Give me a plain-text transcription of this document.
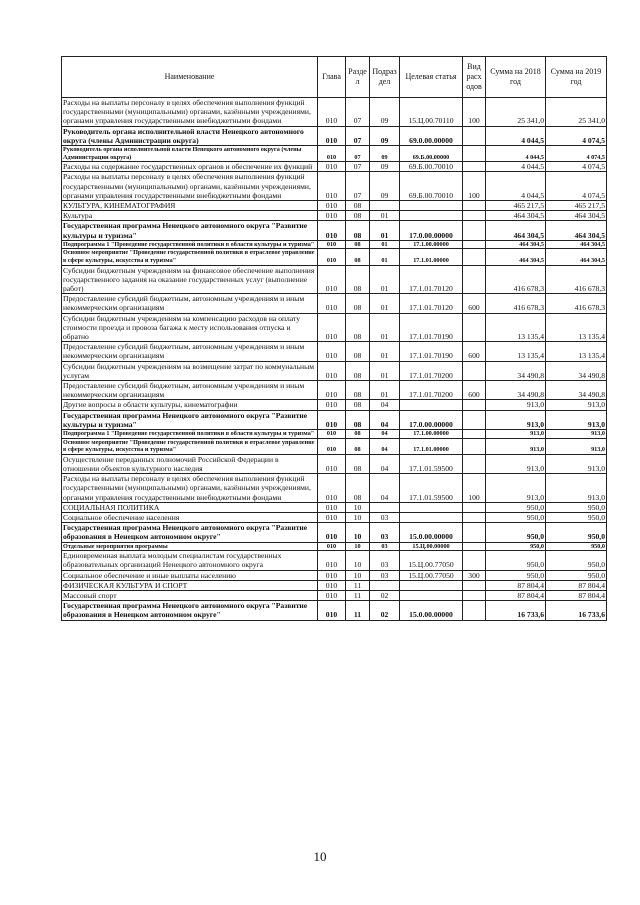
Наименование	Глава	Разде л	Подраз дел	Целевая статья	Вид расх одов	Сумма на 2018 год	Сумма на 2019 год
Расходы на выплаты персоналу в целях обеспечения выполнения функций государственными (муниципальными) органами, казёнными учреждениями, органами управления государственными внебюджетными фондами	010	07	09	15.Ц.00.70110	100	25 341,0	25 341,0
Руководитель органа исполнительной власти Ненецкого автономного округа (члены Администрации округа)	010	07	09	69.0.00.00000		4 044,5	4 074,5
Руководитель органа исполнительной власти Ненецкого автономного округа (члены Администрации округа)	010	07	09	69.Б.00.00000		4 044,5	4 074,5
Расходы на содержание государственных органов и обеспечение их функций	010	07	09	69.Б.00.70010		4 044,5	4 074,5
Расходы на выплаты персоналу в целях обеспечения выполнения функций государственными (муниципальными) органами, казёнными учреждениями, органами управления государственными внебюджетными фондами	010	07	09	69.Б.00.70010	100	4 044,5	4 074,5
КУЛЬТУРА, КИНЕМАТОГРАФИЯ	010	08				465 217,5	465 217,5
Культура	010	08	01			464 304,5	464 304,5
Государственная программа Ненецкого автономного округа "Развитие культуры и туризма"	010	08	01	17.0.00.00000		464 304,5	464 304,5
Подпрограмма 1 "Проведение государственной политики в области культуры и туризма"	010	08	01	17.1.00.00000		464 304,5	464 304,5
Основное мероприятие "Проведение государственной политики и отраслевое управление в сфере культуры, искусства и туризма"	010	08	01	17.1.01.00000		464 304,5	464 304,5
Субсидии бюджетным учреждениям на финансовое обеспечение выполнения государственного задания на оказание государственных услуг (выполнение работ)	010	08	01	17.1.01.70120		416 678,3	416 678,3
Предоставление субсидий бюджетным, автономным учреждениям и иным некоммерческим организациям	010	08	01	17.1.01.70120	600	416 678,3	416 678,3
Субсидии бюджетным учреждениям на компенсацию расходов на оплату стоимости проезда и провоза багажа к месту использования отпуска и обратно	010	08	01	17.1.01.70190		13 135,4	13 135,4
Предоставление субсидий бюджетным, автономным учреждениям и иным некоммерческим организациям	010	08	01	17.1.01.70190	600	13 135,4	13 135,4
Субсидии бюджетным учреждениям на возмещение затрат по коммунальным услугам	010	08	01	17.1.01.70200		34 490,8	34 490,8
Предоставление субсидий бюджетным, автономным учреждениям и иным некоммерческим организациям	010	08	01	17.1.01.70200	600	34 490,8	34 490,8
Другие вопросы в области культуры, кинематографии	010	08	04			913,0	913,0
Государственная программа Ненецкого автономного округа "Развитие культуры и туризма"	010	08	04	17.0.00.00000		913,0	913,0
Подпрограмма 1 "Проведение государственной политики в области культуры и туризма"	010	08	04	17.1.00.00000		913,0	913,0
Основное мероприятие "Проведение государственной политики и отраслевое управление в сфере культуры, искусства и туризма"	010	08	04	17.1.01.00000		913,0	913,0
Осуществление переданных полномочий Российской Федерации в отношении объектов культурного наследия	010	08	04	17.1.01.59500		913,0	913,0
Расходы на выплаты персоналу в целях обеспечения выполнения функций государственными (муниципальными) органами, казёнными учреждениями, органами управления государственными внебюджетными фондами	010	08	04	17.1.01.59500	100	913,0	913,0
СОЦИАЛЬНАЯ ПОЛИТИКА	010	10				950,0	950,0
Социальное обеспечение населения	010	10	03			950,0	950,0
Государственная программа Ненецкого автономного округа "Развитие образования в Ненецком автономном округе"	010	10	03	15.0.00.00000		950,0	950,0
Отдельные мероприятия программы	010	10	03	15.Ц.00.00000		950,0	950,0
Единовременная выплата молодым специалистам государственных образовательных организаций Ненецкого автономного округа	010	10	03	15.Ц.00.77050		950,0	950,0
Социальное обеспечение и иные выплаты населению	010	10	03	15.Ц.00.77050	300	950,0	950,0
ФИЗИЧЕСКАЯ КУЛЬТУРА И СПОРТ	010	11				87 804,4	87 804,4
Массовый спорт	010	11	02			87 804,4	87 804,4
Государственная программа Ненецкого автономного округа "Развитие образования в Ненецком автономном округе"	010	11	02	15.0.00.00000		16 733,6	16 733,6
10
